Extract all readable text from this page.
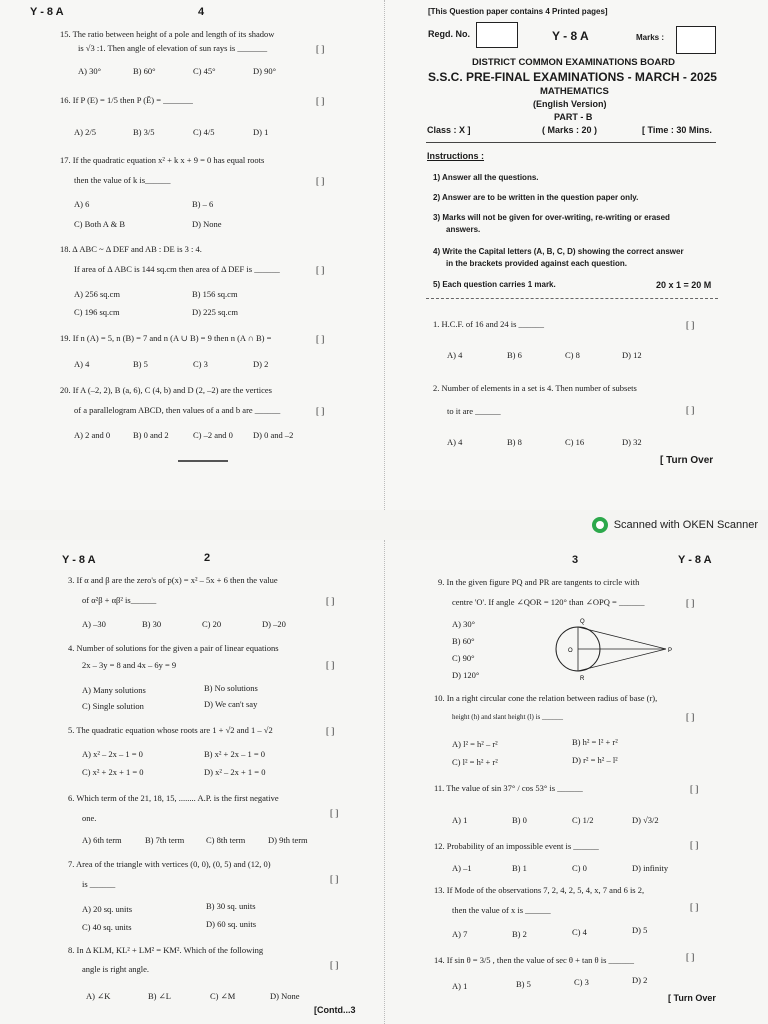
Y - 8 A	4
15. The ratio between height of a pole and length of its shadow
is √3 :1. Then angle of elevation of sun rays is _______	[ ]
A) 30°	B) 60°	C) 45°	D) 90°
16. If P (E) = 1/5 then P (Ē) = _______	[ ]
A) 2/5	B) 3/5	C) 4/5	D) 1
17. If the quadratic equation x² + k x + 9 = 0 has equal roots
then the value of k is______	[ ]
A) 6	B) – 6
C) Both A & B	D) None
18. Δ ABC ~ Δ DEF and AB : DE is 3 : 4.
If area of Δ ABC is 144 sq.cm then area of Δ DEF is ______	[ ]
A) 256 sq.cm	B) 156 sq.cm
C) 196 sq.cm	D) 225 sq.cm
19. If n (A) = 5, n (B) = 7 and n (A ∪ B) = 9 then n (A ∩ B) =	[ ]
A) 4	B) 5	C) 3	D) 2
20. If A (–2, 2), B (a, 6), C (4, b) and D (2, –2) are the vertices
of a parallelogram ABCD, then values of a and b are ______	[ ]
A) 2 and 0	B) 0 and 2	C) –2 and 0 D) 0 and –2
[This Question paper contains 4 Printed pages]
Regd. No.	Y - 8 A	Marks :
DISTRICT COMMON EXAMINATIONS BOARD
S.S.C. PRE-FINAL EXAMINATIONS - MARCH - 2025
MATHEMATICS
(English Version)
PART - B
Class : X ]	( Marks : 20 )	[ Time : 30 Mins.
Instructions :
1) Answer all the questions.
2) Answer are to be written in the question paper only.
3) Marks will not be given for over-writing, re-writing or erased
answers.
4) Write the Capital letters (A, B, C, D) showing the correct answer
in the brackets provided against each question.
5) Each question carries 1 mark.	20 x 1 = 20 M
1. H.C.F. of 16 and 24 is ______	[ ]
A) 4	B) 6	C) 8	D) 12
2. Number of elements in a set is 4. Then number of subsets
to it are ______	[ ]
A) 4	B) 8	C) 16	D) 32
[ Turn Over
Scanned with OKEN Scanner
Y - 8 A	2
3. If α and β are the zero's of p(x) = x² – 5x + 6 then the value
of α²β + αβ² is______	[ ]
A) –30	B) 30	C) 20	D) –20
4. Number of solutions for the given a pair of linear equations
2x – 3y = 8 and 4x – 6y = 9	[ ]
A) Many solutions	B) No solutions
C) Single solution	D) We can't say
5. The quadratic equation whose roots are 1 + √2 and 1 – √2	[ ]
A) x² – 2x – 1 = 0	B) x² + 2x – 1 = 0
C) x² + 2x + 1 = 0	D) x² – 2x + 1 = 0
6. Which term of the 21, 18, 15, ........ A.P. is the first negative
one.	[ ]
A) 6th term	B) 7th term	C) 8th term	D) 9th term
7. Area of the triangle with vertices (0, 0), (0, 5) and (12, 0)
is ______	[ ]
A) 20 sq. units	B) 30 sq. units
C) 40 sq. units	D) 60 sq. units
8. In Δ KLM, KL² + LM² = KM². Which of the following
angle is right angle.	[ ]
A) ∠K	B) ∠L	C) ∠M	D) None
[Contd...3
3	Y - 8 A
9. In the given figure PQ and PR are tangents to circle with
centre 'O'. If angle ∠QOR = 120° than ∠OPQ = ______	[ ]
A) 30°
B) 60°
C) 90°
D) 120°
Q
O	P
R
10. In a right circular cone the relation between radius of base (r),
height (h) and slant height (l) is ______	[ ]
A) l² = h² – r²	B) h² = l² + r²
C) l² = h² + r²	D) r² = h² – l²
11. The value of sin 37° / cos 53° is ______	[ ]
A) 1	B) 0	C) 1/2	D) √3/2
12. Probability of an impossible event is ______	[ ]
A) –1	B) 1	C) 0	D) infinity
13. If Mode of the observations 7, 2, 4, 2, 5, 4, x, 7 and 6 is 2,
then the value of x is ______	[ ]
A) 7	B) 2	C) 4	D) 5
14. If sin θ = 3/5 , then the value of sec θ + tan θ is ______	[ ]
A) 1	B) 5	C) 3	D) 2
[ Turn Over
